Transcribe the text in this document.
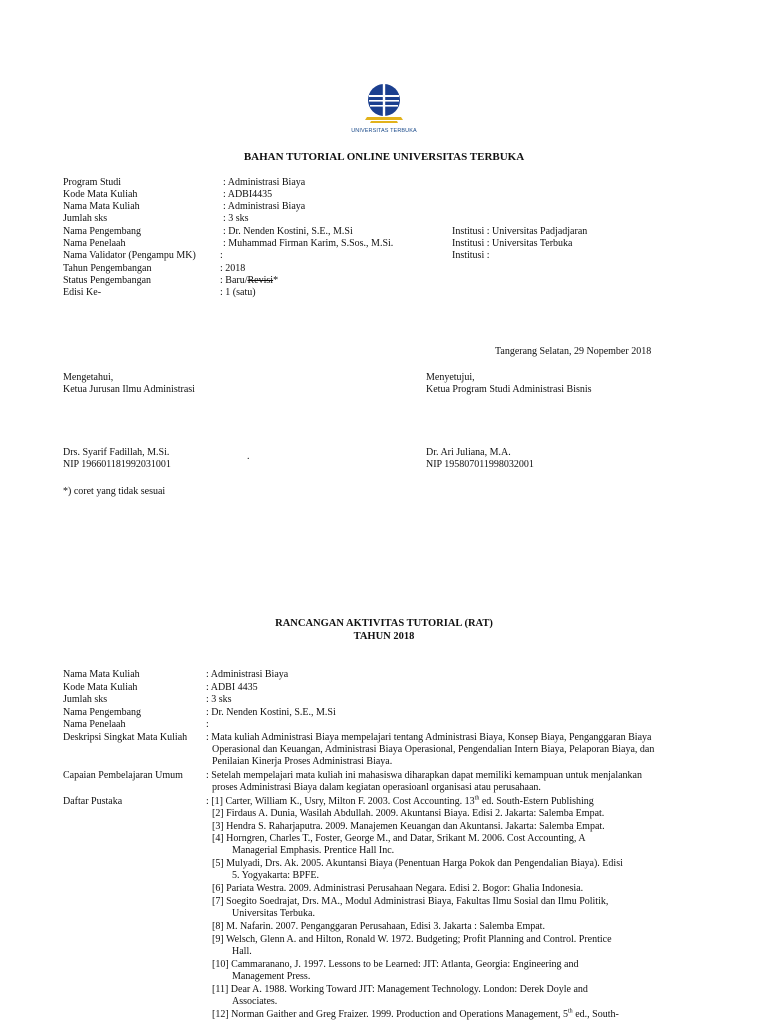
UNIVERSITAS TERBUKA
BAHAN TUTORIAL ONLINE UNIVERSITAS TERBUKA
Program Studi	: Administrasi Biaya
Kode Mata Kuliah	: ADBI4435
Nama Mata Kuliah	: Administrasi Biaya
Jumlah sks	: 3 sks
Nama Pengembang	: Dr. Nenden Kostini, S.E., M.Si	Institusi : Universitas Padjadjaran
Nama Penelaah	: Muhammad Firman Karim, S.Sos., M.Si.	Institusi : Universitas Terbuka
Nama Validator (Pengampu MK) :	Institusi :
Tahun Pengembangan	: 2018
Status Pengembangan	: Baru/Revisi*
Edisi Ke-	: 1 (satu)
Tangerang Selatan, 29 Nopember 2018
Mengetahui,
Ketua Jurusan Ilmu Administrasi
Drs. Syarif Fadillah, M.Si.
NIP 196601181992031001
.
Menyetujui,
Ketua Program Studi Administrasi Bisnis
Dr. Ari Juliana, M.A.
NIP 195807011998032001
*) coret yang tidak sesuai
RANCANGAN AKTIVITAS TUTORIAL (RAT)
TAHUN 2018
Nama Mata Kuliah	: Administrasi Biaya
Kode Mata Kuliah	: ADBI 4435
Jumlah sks	: 3 sks
Nama Pengembang	: Dr. Nenden Kostini, S.E., M.Si
Nama Penelaah	:
Deskripsi Singkat Mata Kuliah : Mata kuliah Administrasi Biaya mempelajari tentang Administrasi Biaya, Konsep Biaya, Penganggaran Biaya
Operasional dan Keuangan, Administrasi Biaya Operasional, Pengendalian Intern Biaya, Pelaporan Biaya, dan
Penilaian Kinerja Proses Administrasi Biaya.
Capaian Pembelajaran Umum : Setelah mempelajari mata kuliah ini mahasiswa diharapkan dapat memiliki kemampuan untuk menjalankan
proses Administrasi Biaya dalam kegiatan operasioanl organisasi atau perusahaan.
Daftar Pustaka	: [1] Carter, William K., Usry, Milton F. 2003. Cost Accounting. 13th ed. South-Estern Publishing
[2] Firdaus A. Dunia, Wasilah Abdullah. 2009. Akuntansi Biaya. Edisi 2. Jakarta: Salemba Empat.
[3] Hendra S. Raharjaputra. 2009. Manajemen Keuangan dan Akuntansi. Jakarta: Salemba Empat.
[4] Horngren, Charles T., Foster, George M., and Datar, Srikant M. 2006. Cost Accounting, A
Managerial Emphasis. Prentice Hall Inc.
[5] Mulyadi, Drs. Ak. 2005. Akuntansi Biaya (Penentuan Harga Pokok dan Pengendalian Biaya). Edisi
5. Yogyakarta: BPFE.
[6] Pariata Westra. 2009. Administrasi Perusahaan Negara. Edisi 2. Bogor: Ghalia Indonesia.
[7] Soegito Soedrajat, Drs. MA., Modul Administrasi Biaya, Fakultas Ilmu Sosial dan Ilmu Politik,
Universitas Terbuka.
[8] M. Nafarin. 2007. Penganggaran Perusahaan, Edisi 3. Jakarta : Salemba Empat.
[9] Welsch, Glenn A. and Hilton, Ronald W. 1972. Budgeting; Profit Planning and Control. Prentice
Hall.
[10] Cammaranano, J. 1997. Lessons to be Learned: JIT: Atlanta, Georgia: Engineering and
Management Press.
[11] Dear A. 1988. Working Toward JIT: Management Technology. London: Derek Doyle and
Associates.
[12] Norman Gaither and Greg Fraizer. 1999. Production and Operations Management, 5th ed., South-
